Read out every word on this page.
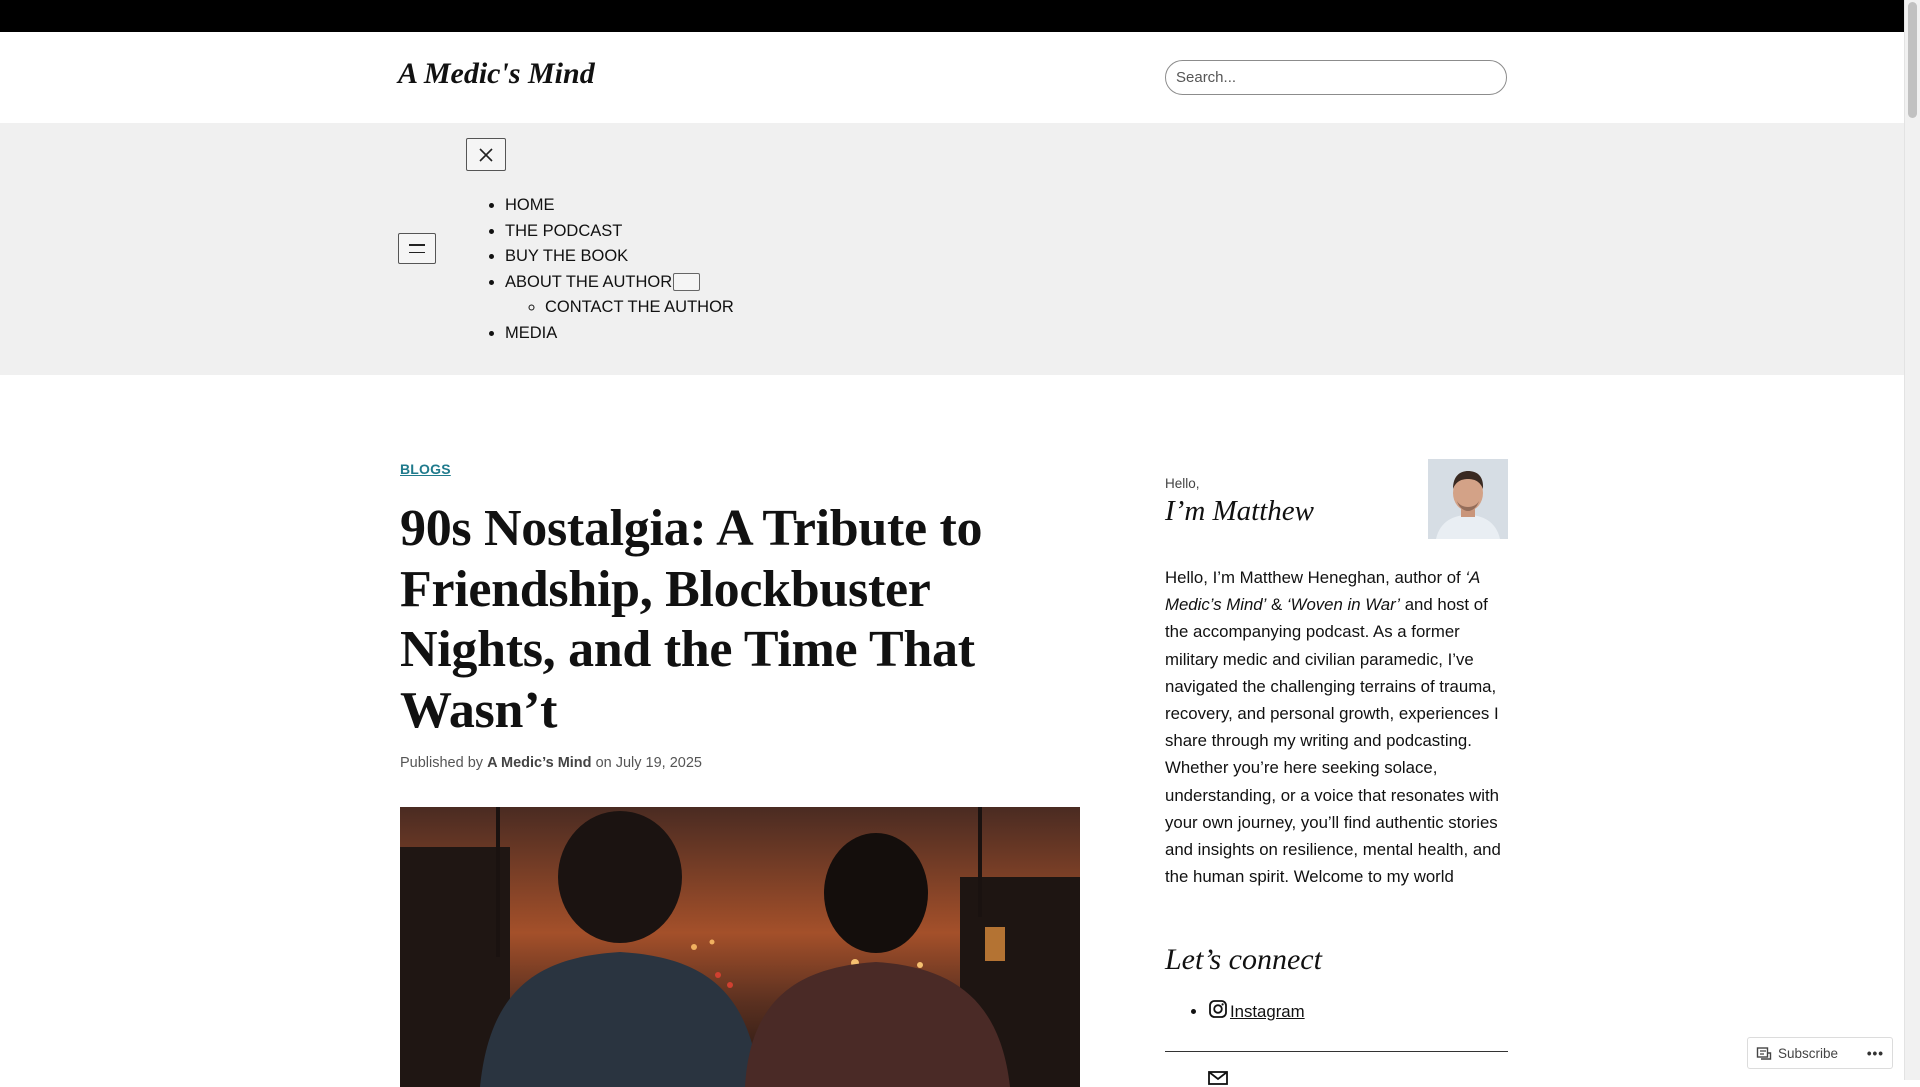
A Medic's Mind
Search...
• HOME
• THE PODCAST
• BUY THE BOOK
• ABOUT THE AUTHOR
◦ CONTACT THE AUTHOR
• MEDIA
BLOGS
90s Nostalgia: A Tribute to Friendship, Blockbuster Nights, and the Time That Wasn’t
Published by A Medic’s Mind on July 19, 2025
Hello,
I’m Matthew

Hello, I’m Matthew Heneghan, author of ‘A Medic’s Mind’ & ‘Woven in War’ and host of the accompanying podcast. As a former military medic and civilian paramedic, I’ve navigated the challenging terrains of trauma, recovery, and personal growth, experiences I share through my writing and podcasting. Whether you’re here seeking solace, understanding, or a voice that resonates with your own journey, you’ll find authentic stories and insights on resilience, mental health, and the human spirit. Welcome to my world

Let’s connect
• Instagram
Subscribe •••
